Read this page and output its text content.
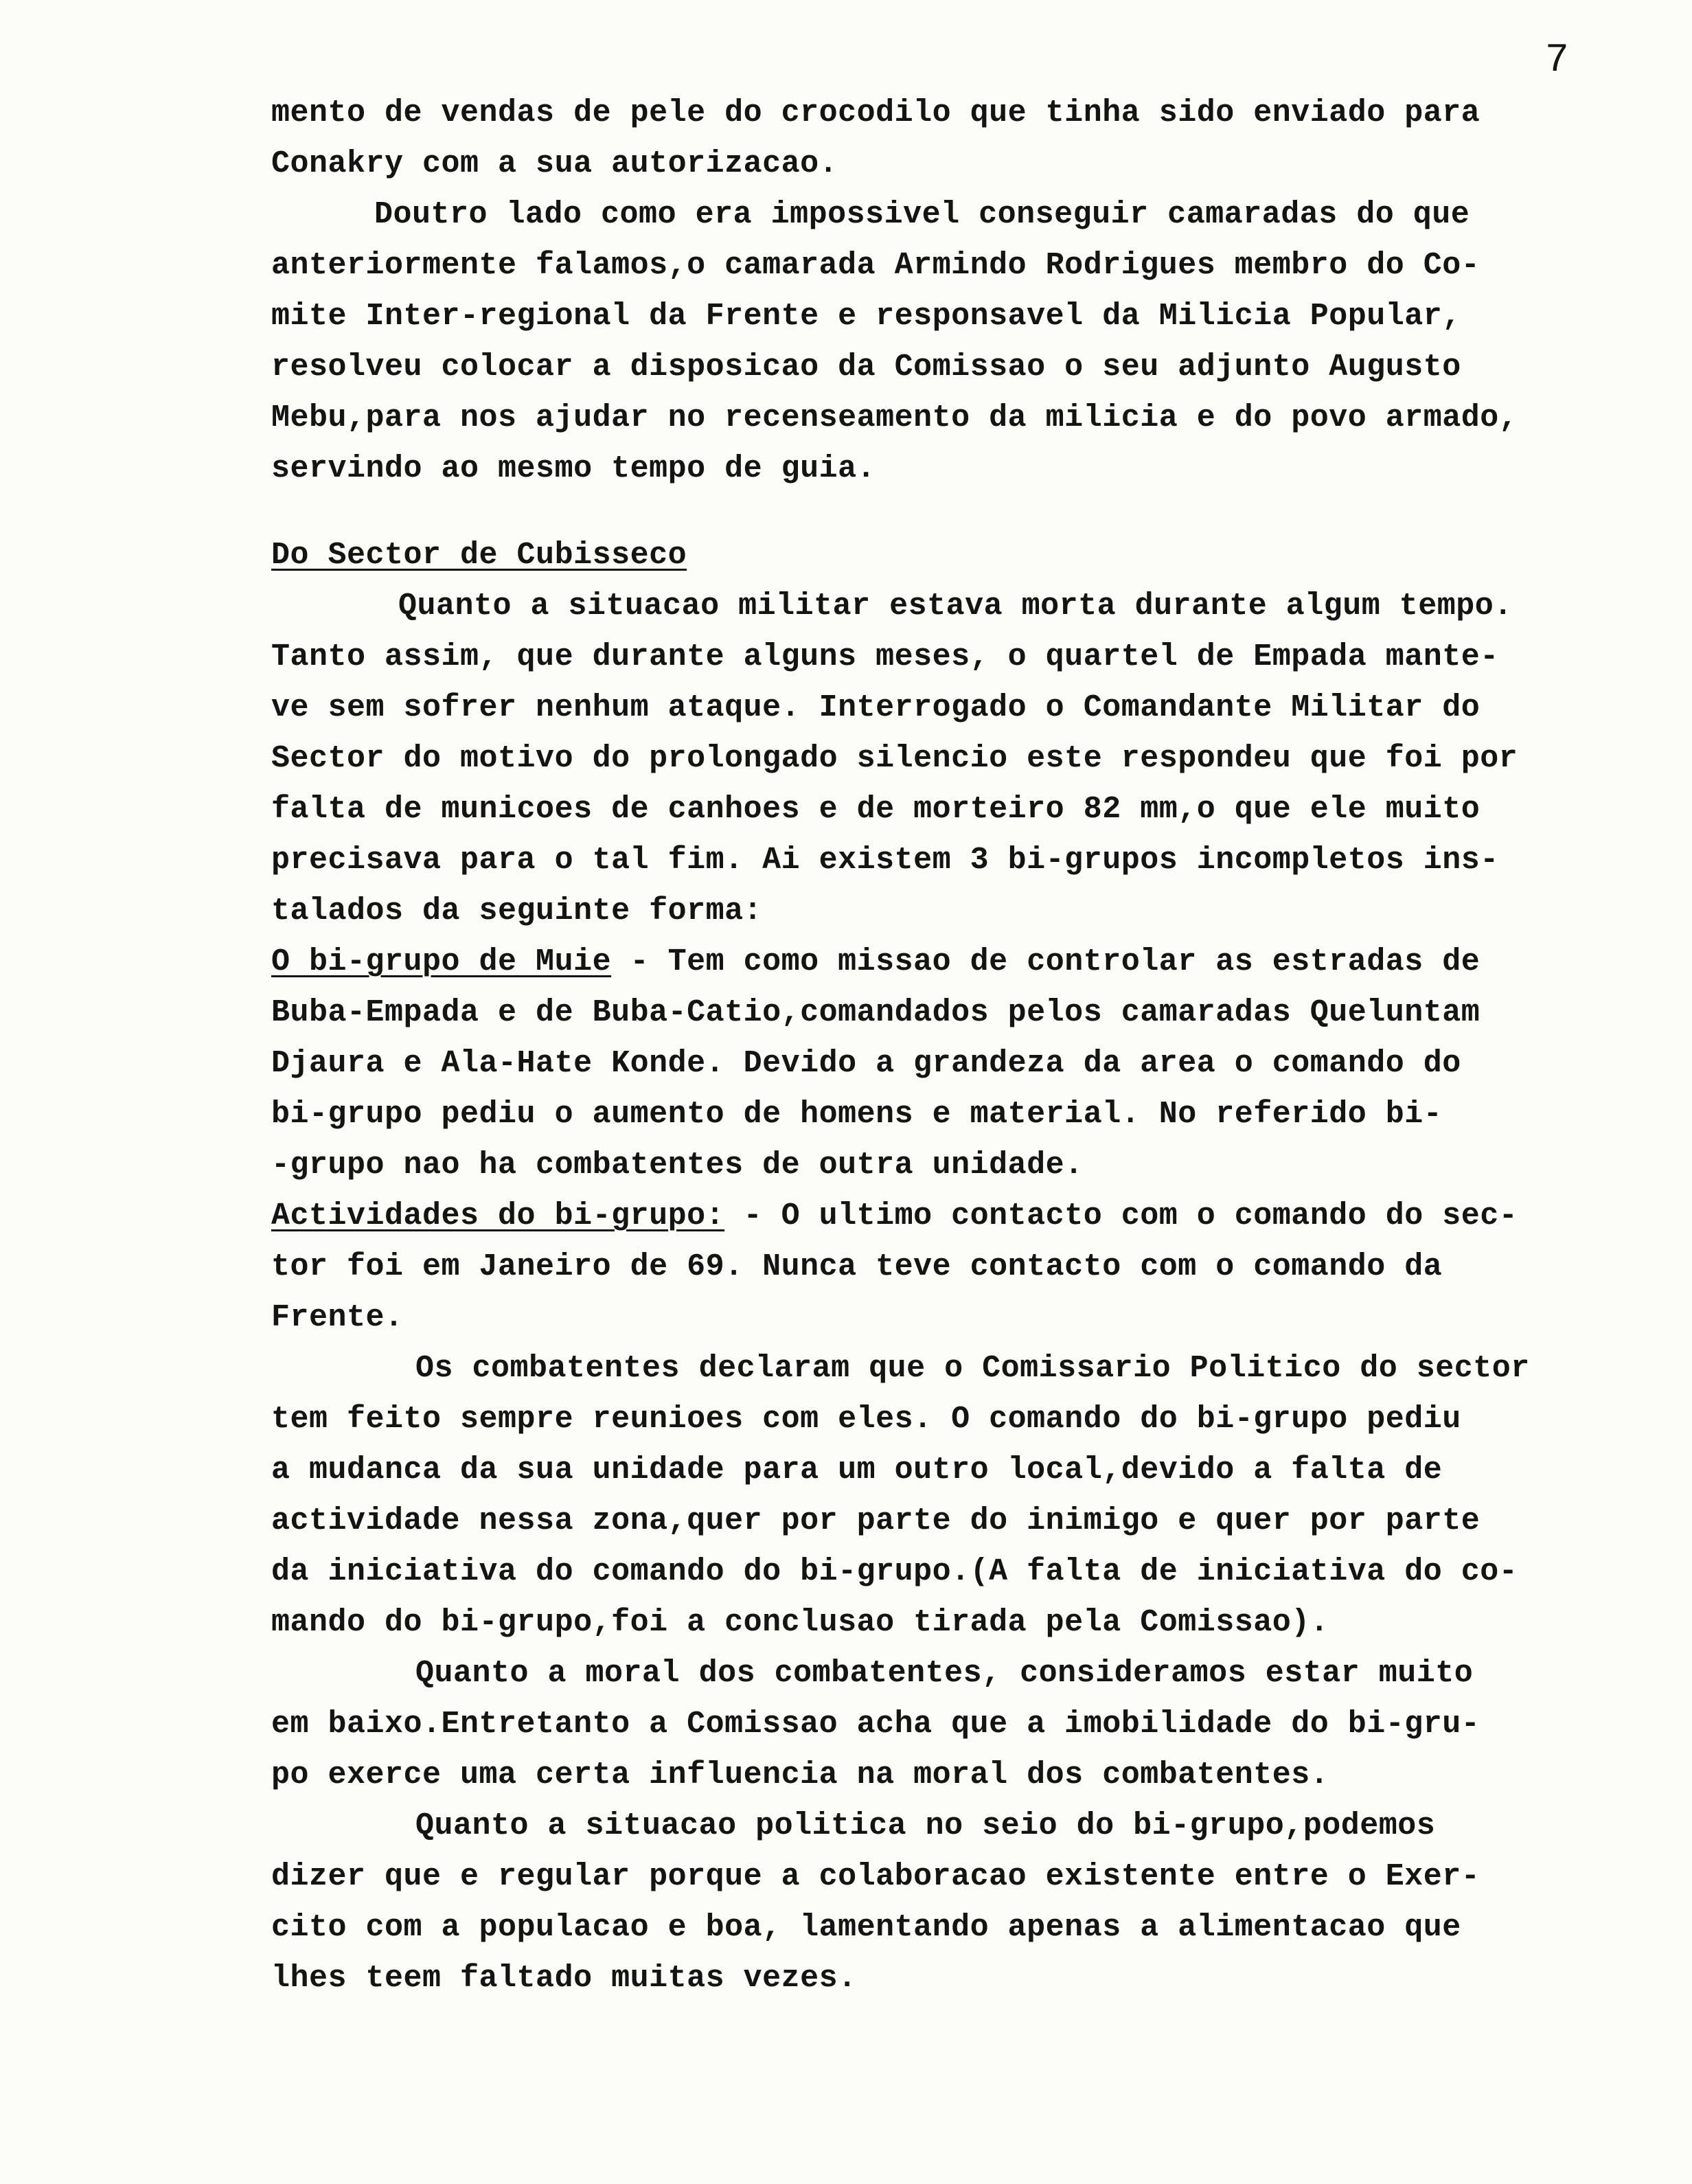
7
mento de vendas de pele do crocodilo que tinha sido enviado para
Conakry com a sua autorizacao.
Doutro lado como era impossivel conseguir camaradas do que
anteriormente falamos,o camarada Armindo Rodrigues membro do Co-
mite Inter-regional da Frente e responsavel da Milicia Popular,
resolveu colocar a disposicao da Comissao o seu adjunto Augusto
Mebu,para nos ajudar no recenseamento da milicia e do povo armado,
servindo ao mesmo tempo de guia.
Do Sector de Cubisseco
Quanto a situacao militar estava morta durante algum tempo.
Tanto assim, que durante alguns meses, o quartel de Empada mante-
ve sem sofrer nenhum ataque. Interrogado o Comandante Militar do
Sector do motivo do prolongado silencio este respondeu que foi por
falta de municoes de canhoes e de morteiro 82 mm,o que ele muito
precisava para o tal fim. Ai existem 3 bi-grupos incompletos ins-
talados da seguinte forma:
O bi-grupo de Muie - Tem como missao de controlar as estradas de
Buba-Empada e de Buba-Catio,comandados pelos camaradas Queluntam
Djaura e Ala-Hate Konde. Devido a grandeza da area o comando do
bi-grupo pediu o aumento de homens e material. No referido bi-
-grupo nao ha combatentes de outra unidade.
Actividades do bi-grupo: - O ultimo contacto com o comando do sec-
tor foi em Janeiro de 69. Nunca teve contacto com o comando da
Frente.
Os combatentes declaram que o Comissario Politico do sector
tem feito sempre reunioes com eles. O comando do bi-grupo pediu
a mudanca da sua unidade para um outro local,devido a falta de
actividade nessa zona,quer por parte do inimigo e quer por parte
da iniciativa do comando do bi-grupo.(A falta de iniciativa do co-
mando do bi-grupo,foi a conclusao tirada pela Comissao).
Quanto a moral dos combatentes, consideramos estar muito
em baixo.Entretanto a Comissao acha que a imobilidade do bi-gru-
po exerce uma certa influencia na moral dos combatentes.
Quanto a situacao politica no seio do bi-grupo,podemos
dizer que e regular porque a colaboracao existente entre o Exer-
cito com a populacao e boa, lamentando apenas a alimentacao que
lhes teem faltado muitas vezes.
